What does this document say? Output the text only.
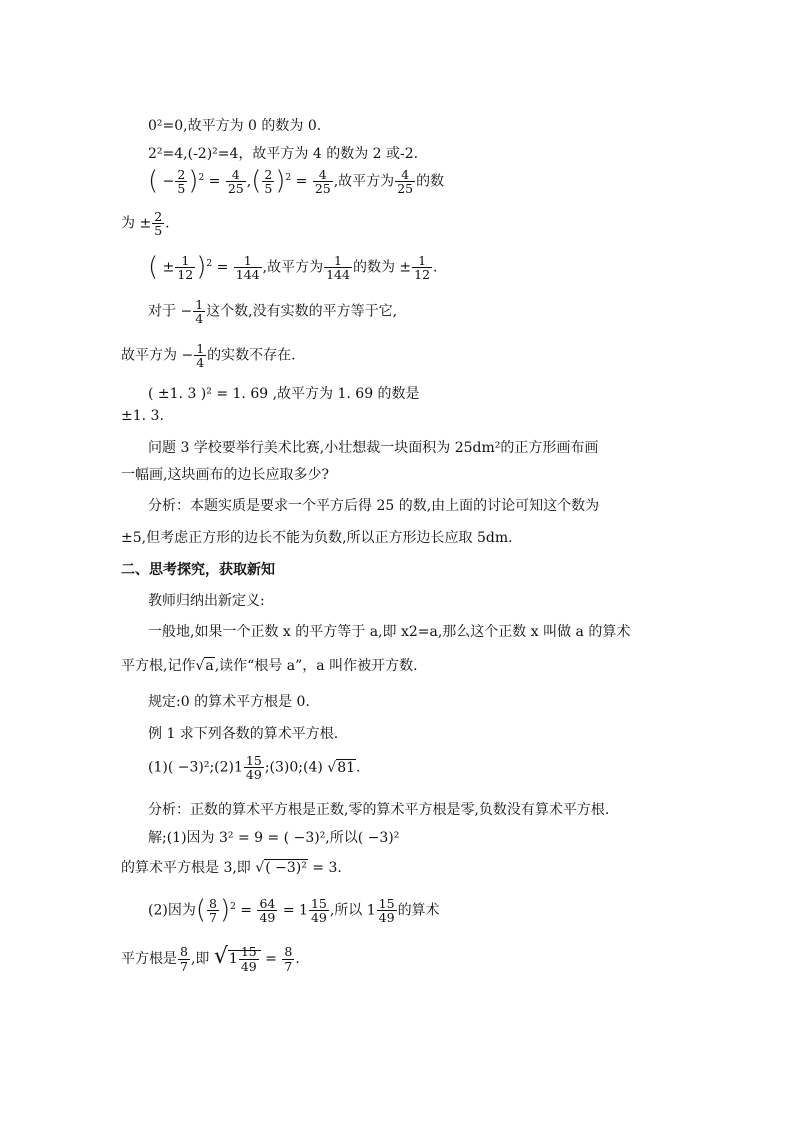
0²=0,故平方为 0 的数为 0.
2²=4,(-2)²=4，故平方为 4 的数为 2 或-2.
( − $\frac{2}{5} )^2 = \frac{4}{25}$ ,( $\frac{2}{5} )^2 = \frac{4}{25}$ ,故平方为 $\frac{4}{25}$ 的数
为 ± $\frac{2}{5}$ .
( ± $\frac{1}{12} )^2 = \frac{1}{144}$ ,故平方为 $\frac{1}{144}$ 的数为 ± $\frac{1}{12}$ .
对于 − $\frac{1}{4}$ 这个数,没有实数的平方等于它,
故平方为 − $\frac{1}{4}$ 的实数不存在.
( ±1. 3 )² = 1. 69 ,故平方为 1. 69 的数是
±1. 3.
问题 3 学校要举行美术比赛,小壮想裁一块面积为 25dm²的正方形画布画
一幅画,这块画布的边长应取多少?
分析：本题实质是要求一个平方后得 25 的数,由上面的讨论可知这个数为
±5,但考虑正方形的边长不能为负数,所以正方形边长应取 5dm.
二、思考探究，获取新知
教师归纳出新定义:
一般地,如果一个正数 x 的平方等于 a,即 x2=a,那么这个正数 x 叫做 a 的算术
平方根,记作√a,读作“根号 a”，a 叫作被开方数.
规定:0 的算术平方根是 0.
例 1 求下列各数的算术平方根.
(1)( −3)²;(2)1 $\frac{15}{49}$ ;(3)0;(4) √81.
分析：正数的算术平方根是正数,零的算术平方根是零,负数没有算术平方根.
解;(1)因为 3² = 9 = ( −3)²,所以( −3)²
的算术平方根是 3,即 √( −3)² = 3.
(2)因为( $\frac{8}{7} )^2 = \frac{64}{49} = 1 \frac{15}{49}$ ,所以 $1 \frac{15}{49}$ 的算术
平方根是 $\frac{8}{7}$ ,即 $√1 \frac{15}{49} = \frac{8}{7}$ .
